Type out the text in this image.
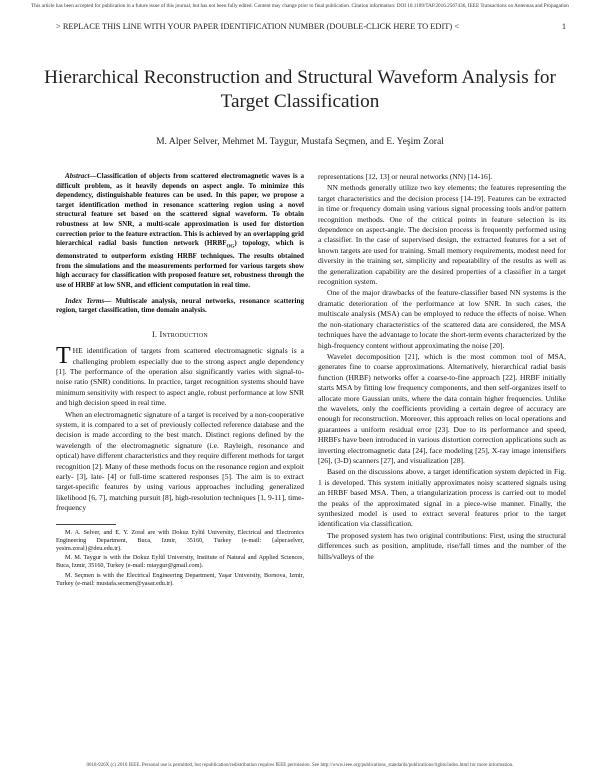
This article has been accepted for publication in a future issue of this journal, but has not been fully edited. Content may change prior to final publication. Citation information: DOI 10.1109/TAP.2016.2567436, IEEE Transactions on Antennas and Propagation
> REPLACE THIS LINE WITH YOUR PAPER IDENTIFICATION NUMBER (DOUBLE-CLICK HERE TO EDIT) <	1
Hierarchical Reconstruction and Structural Waveform Analysis for Target Classification
M. Alper Selver, Mehmet M. Taygur, Mustafa Seçmen, and E. Yeşim Zoral

Abstract—Classification of objects from scattered electromagnetic waves is a difficult problem, as it heavily depends on aspect angle. To minimize this dependency, distinguishable features can be used. In this paper, we propose a target identification method in resonance scattering region using a novel structural feature set based on the scattered signal waveform. To obtain robustness at low SNR, a multi-scale approximation is used for distortion correction prior to the feature extraction. This is achieved by an overlapping grid hierarchical radial basis function network $(HRBF_{OG})$ topology, which is demonstrated to outperform existing HRBF techniques. The results obtained from the simulations and the measurements performed for various targets show high accuracy for classification with proposed feature set, robustness through the use of HRBF at low SNR, and efficient computation in real time.

Index Terms— Multiscale analysis, neural networks, resonance scattering region, target classification, time domain analysis.

I. Introduction

THE identification of targets from scattered electromagnetic signals is a challenging problem especially due to the strong aspect angle dependency [1]. The performance of the operation also significantly varies with signal-to-noise ratio (SNR) conditions. In practice, target recognition systems should have minimum sensitivity with respect to aspect angle, robust performance at low SNR and high decision speed in real time.

When an electromagnetic signature of a target is received by a non-cooperative system, it is compared to a set of previously collected reference database and the decision is made according to the best match. Distinct regions defined by the wavelength of the electromagnetic signature (i.e. Rayleigh, resonance and optical) have different characteristics and they require different methods for target recognition [2]. Many of these methods focus on the resonance region and exploit early- [3], late- [4] or full-time scattered responses [5]. The aim is to extract target-specific features by using various approaches including generalized likelihood [6, 7], matching pursuit [8], high-resolution techniques [1, 9-11], time-frequency

M. A. Selver, and E. Y. Zoral are with Dokuz Eylül University, Electrical and Electronics Engineering Department, Buca, Izmir, 35160, Turkey (e-mail: {alper.selver, yesim.zoral}@deu.edu.tr).

M. M. Taygur is with the Dokuz Eylül University, Institute of Natural and Applied Sciences, Buca, Izmir, 35160, Turkey (e-mail: mtaygur@gmail.com).

M. Seçmen is with the Electrical Engineering Department, Yaşar University, Bornova, Izmir, Turkey (e-mail: mustafa.secmen@yasar.edu.tr).

representations [12, 13] or neural networks (NN) [14-16].

NN methods generally utilize two key elements; the features representing the target characteristics and the decision process [14-19]. Features can be extracted in time or frequency domain using various signal processing tools and/or pattern recognition methods. One of the critical points in feature selection is its dependence on aspect-angle. The decision process is frequently performed using a classifier. In the case of supervised design, the extracted features for a set of known targets are used for training. Small memory requirements, modest need for diversity in the training set, simplicity and repeatability of the results as well as the generalization capability are the desired properties of a classifier in a target recognition system.

One of the major drawbacks of the feature-classifier based NN systems is the dramatic deterioration of the performance at low SNR. In such cases, the multiscale analysis (MSA) can be employed to reduce the effects of noise. When the non-stationary characteristics of the scattered data are considered, the MSA techniques have the advantage to locate the short-term events characterized by the high-frequency content without approximating the noise [20].

Wavelet decomposition [21], which is the most common tool of MSA, generates fine to coarse approximations. Alternatively, hierarchical radial basis function (HRBF) networks offer a coarse-to-fine approach [22]. HRBF initially starts MSA by fitting low frequency components, and then self-organizes itself to allocate more Gaussian units, where the data contain higher frequencies. Unlike the wavelets, only the coefficients providing a certain degree of accuracy are enough for reconstruction. Moreover, this approach relies on local operations and guarantees a uniform residual error [23]. Due to its performance and speed, HRBFs have been introduced in various distortion correction applications such as inverting electromagnetic data [24], face modeling [25], X-ray image intensifiers [26], (3-D) scanners [27], and visualization [28].

Based on the discussions above, a target identification system depicted in Fig. 1 is developed. This system initially approximates noisy scattered signals using an HRBF based MSA. Then, a triangularization process is carried out to model the peaks of the approximated signal in a piece-wise manner. Finally, the synthesized model is used to extract several features prior to the target identification via classification.

The proposed system has two original contributions: First, using the structural differences such as position, amplitude, rise/fall times and the number of the hills/valleys of the

0018-926X (c) 2016 IEEE. Personal use is permitted, but republication/redistribution requires IEEE permission. See http://www.ieee.org/publications_standards/publications/rights/index.html for more information.
